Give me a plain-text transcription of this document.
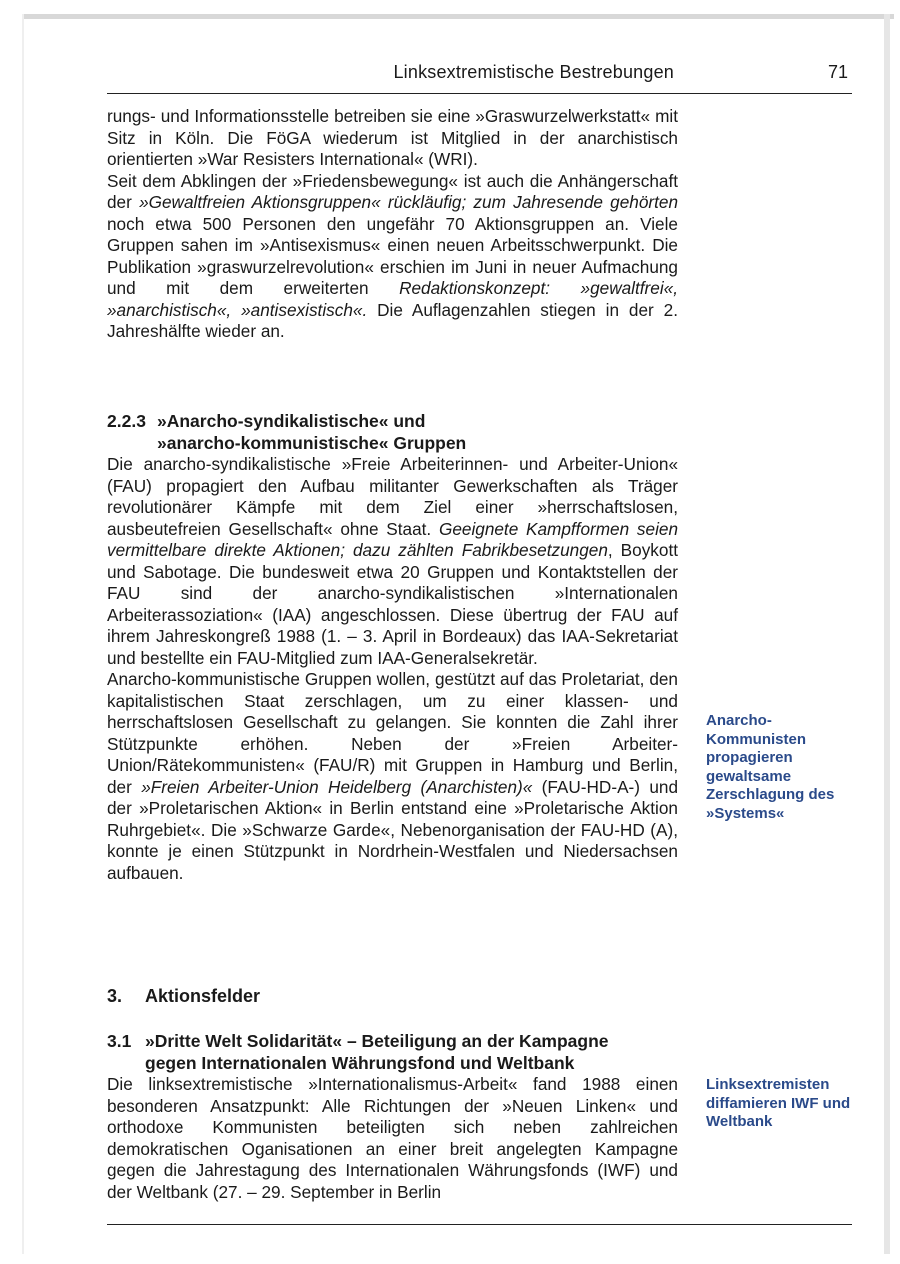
Linksextremistische Bestrebungen	71

rungs- und Informationsstelle betreiben sie eine »Graswurzelwerkstatt« mit Sitz in Köln. Die FöGA wiederum ist Mitglied in der anarchistisch orientierten »War Resisters International« (WRI).

Seit dem Abklingen der »Friedensbewegung« ist auch die Anhängerschaft der »Gewaltfreien Aktionsgruppen« rückläufig; zum Jahresende gehörten noch etwa 500 Personen den ungefähr 70 Aktionsgruppen an. Viele Gruppen sahen im »Antisexismus« einen neuen Arbeitsschwerpunkt. Die Publikation »graswurzelrevolution« erschien im Juni in neuer Aufmachung und mit dem erweiterten Redaktionskonzept: »gewaltfrei«, »anarchistisch«, »antisexistisch«. Die Auflagenzahlen stiegen in der 2. Jahreshälfte wieder an.

2.2.3 »Anarcho-syndikalistische« und
»anarcho-kommunistische« Gruppen

Die anarcho-syndikalistische »Freie Arbeiterinnen- und Arbeiter-Union« (FAU) propagiert den Aufbau militanter Gewerkschaften als Träger revolutionärer Kämpfe mit dem Ziel einer »herrschaftslosen, ausbeutefreien Gesellschaft« ohne Staat. Geeignete Kampfformen seien vermittelbare direkte Aktionen; dazu zählten Fabrikbesetzungen, Boykott und Sabotage. Die bundesweit etwa 20 Gruppen und Kontaktstellen der FAU sind der anarcho-syndikalistischen »Internationalen Arbeiterassoziation« (IAA) angeschlossen. Diese übertrug der FAU auf ihrem Jahreskongreß 1988 (1. – 3. April in Bordeaux) das IAA-Sekretariat und bestellte ein FAU-Mitglied zum IAA-Generalsekretär.

Anarcho-kommunistische Gruppen wollen, gestützt auf das Proletariat, den kapitalistischen Staat zerschlagen, um zu einer klassen- und herrschaftslosen Gesellschaft zu gelangen. Sie konnten die Zahl ihrer Stützpunkte erhöhen. Neben der »Freien Arbeiter-Union/Rätekommunisten« (FAU/R) mit Gruppen in Hamburg und Berlin, der »Freien Arbeiter-Union Heidelberg (Anarchisten)« (FAU-HD-A-) und der »Proletarischen Aktion« in Berlin entstand eine »Proletarische Aktion Ruhrgebiet«. Die »Schwarze Garde«, Nebenorganisation der FAU-HD (A), konnte je einen Stützpunkt in Nordrhein-Westfalen und Niedersachsen aufbauen.

3. Aktionsfelder
3.1 »Dritte Welt Solidarität« – Beteiligung an der Kampagne
gegen Internationalen Währungsfond und Weltbank

Die linksextremistische »Internationalismus-Arbeit« fand 1988 einen besonderen Ansatzpunkt: Alle Richtungen der »Neuen Linken« und orthodoxe Kommunisten beteiligten sich neben zahlreichen demokratischen Oganisationen an einer breit angelegten Kampagne gegen die Jahrestagung des Internationalen Währungsfonds (IWF) und der Weltbank (27. – 29. September in Berlin

Anarcho-Kommunisten propagieren gewaltsame Zerschlagung des »Systems«
Linksextremisten diffamieren IWF und Weltbank
